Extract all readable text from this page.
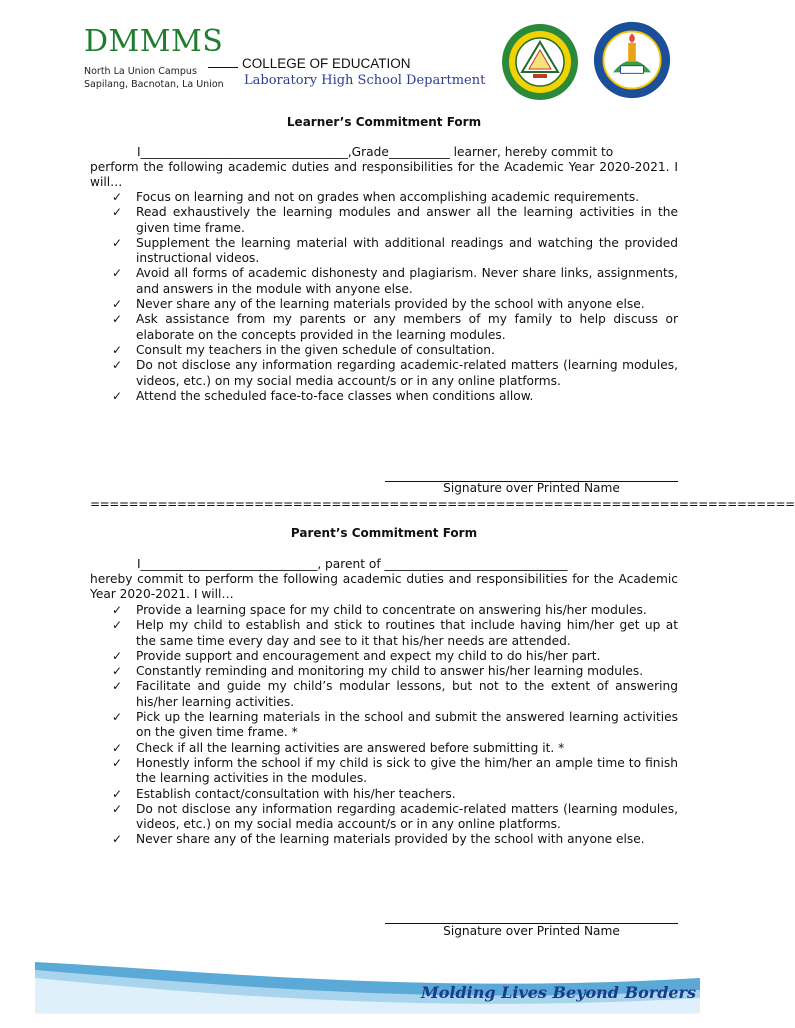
DMMMS
North La Union Campus
Sapilang, Bacnotan, La Union
COLLEGE OF EDUCATION
Laboratory High School Department
Learner’s Commitment Form
I__________________________________,Grade__________ learner, hereby commit to
perform the following academic duties and responsibilities for the Academic Year 2020-2021. I will…
✓	Focus on learning and not on grades when accomplishing academic requirements.
✓	Read exhaustively the learning modules and answer all the learning activities in the given time frame.
✓	Supplement the learning material with additional readings and watching the provided instructional videos.
✓	Avoid all forms of academic dishonesty and plagiarism. Never share links, assignments, and answers in the module with anyone else.
✓	Never share any of the learning materials provided by the school with anyone else.
✓	Ask assistance from my parents or any members of my family to help discuss or elaborate on the concepts provided in the learning modules.
✓	Consult my teachers in the given schedule of consultation.
✓	Do not disclose any information regarding academic-related matters (learning modules, videos, etc.) on my social media account/s or in any online platforms.
✓	Attend the scheduled face-to-face classes when conditions allow.
Signature over Printed Name
=========================================================================
Parent’s Commitment Form
I_____________________________, parent of ______________________________
hereby commit to perform the following academic duties and responsibilities for the Academic Year 2020-2021. I will…
✓	Provide a learning space for my child to concentrate on answering his/her modules.
✓	Help my child to establish and stick to routines that include having him/her get up at the same time every day and see to it that his/her needs are attended.
✓	Provide support and encouragement and expect my child to do his/her part.
✓	Constantly reminding and monitoring my child to answer his/her learning modules.
✓	Facilitate and guide my child’s modular lessons, but not to the extent of answering his/her learning activities.
✓	Pick up the learning materials in the school and submit the answered learning activities on the given time frame. *
✓	Check if all the learning activities are answered before submitting it. *
✓	Honestly inform the school if my child is sick to give the him/her an ample time to finish the learning activities in the modules.
✓	Establish contact/consultation with his/her teachers.
✓	Do not disclose any information regarding academic-related matters (learning modules, videos, etc.) on my social media account/s or in any online platforms.
✓	Never share any of the learning materials provided by the school with anyone else.
Signature over Printed Name
Molding Lives Beyond Borders
